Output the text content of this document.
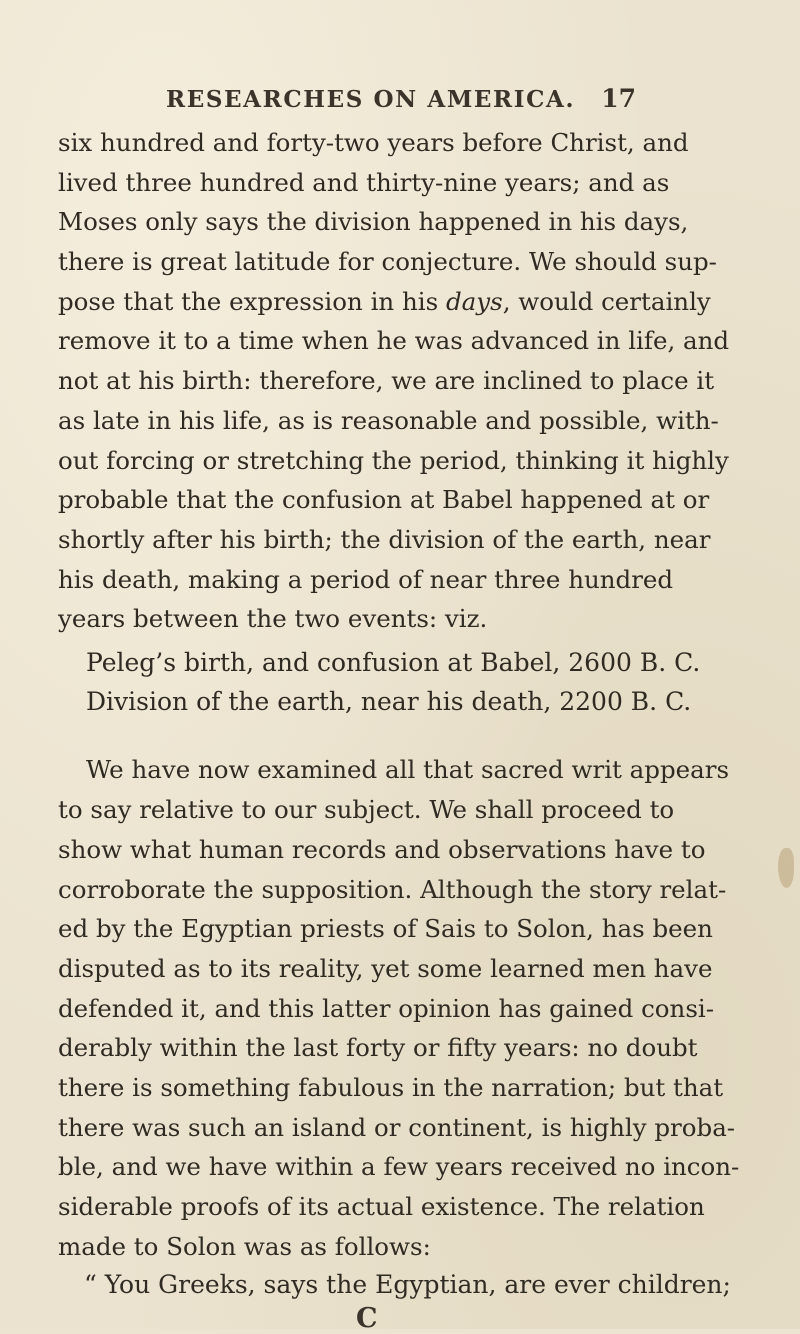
RESEARCHES ON AMERICA. 17
six hundred and forty-two years before Christ, and
lived three hundred and thirty-nine years; and as
Moses only says the division happened in his days,
there is great latitude for conjecture. We should sup-
pose that the expression in his days, would certainly
remove it to a time when he was advanced in life, and
not at his birth: therefore, we are inclined to place it
as late in his life, as is reasonable and possible, with-
out forcing or stretching the period, thinking it highly
probable that the confusion at Babel happened at or
shortly after his birth; the division of the earth, near
his death, making a period of near three hundred
years between the two events: viz.
Peleg’s birth, and confusion at Babel, 2600 B. C.
Division of the earth, near his death, 2200 B. C.
We have now examined all that sacred writ appears
to say relative to our subject. We shall proceed to
show what human records and observations have to
corroborate the supposition. Although the story relat-
ed by the Egyptian priests of Sais to Solon, has been
disputed as to its reality, yet some learned men have
defended it, and this latter opinion has gained consi-
derably within the last forty or fifty years: no doubt
there is something fabulous in the narration; but that
there was such an island or continent, is highly proba-
ble, and we have within a few years received no incon-
siderable proofs of its actual existence. The relation
made to Solon was as follows:
“ You Greeks, says the Egyptian, are ever children;
C
